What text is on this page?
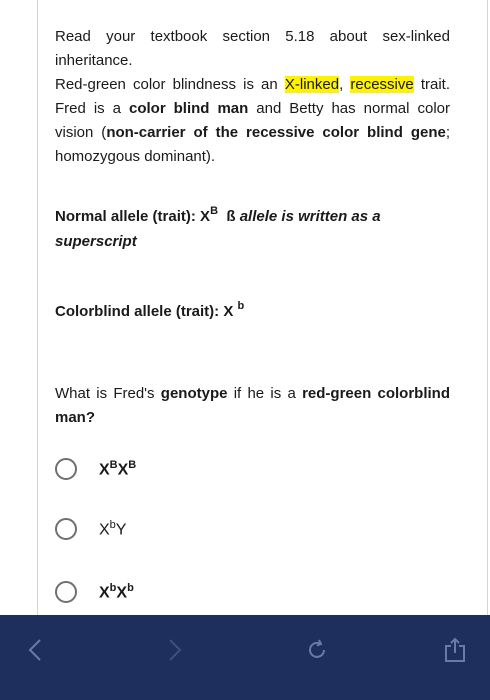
Read your textbook section 5.18 about sex-linked inheritance.
Red-green color blindness is an X-linked, recessive trait. Fred is a color blind man and Betty has normal color vision (non-carrier of the recessive color blind gene; homozygous dominant).
Normal allele (trait): $X^B$ ß allele is written as a superscript
Colorblind allele (trait): X $^b$
What is Fred's genotype if he is a red-green colorblind man?
$X^BX^B$
$X^bY$
$X^bX^b$
